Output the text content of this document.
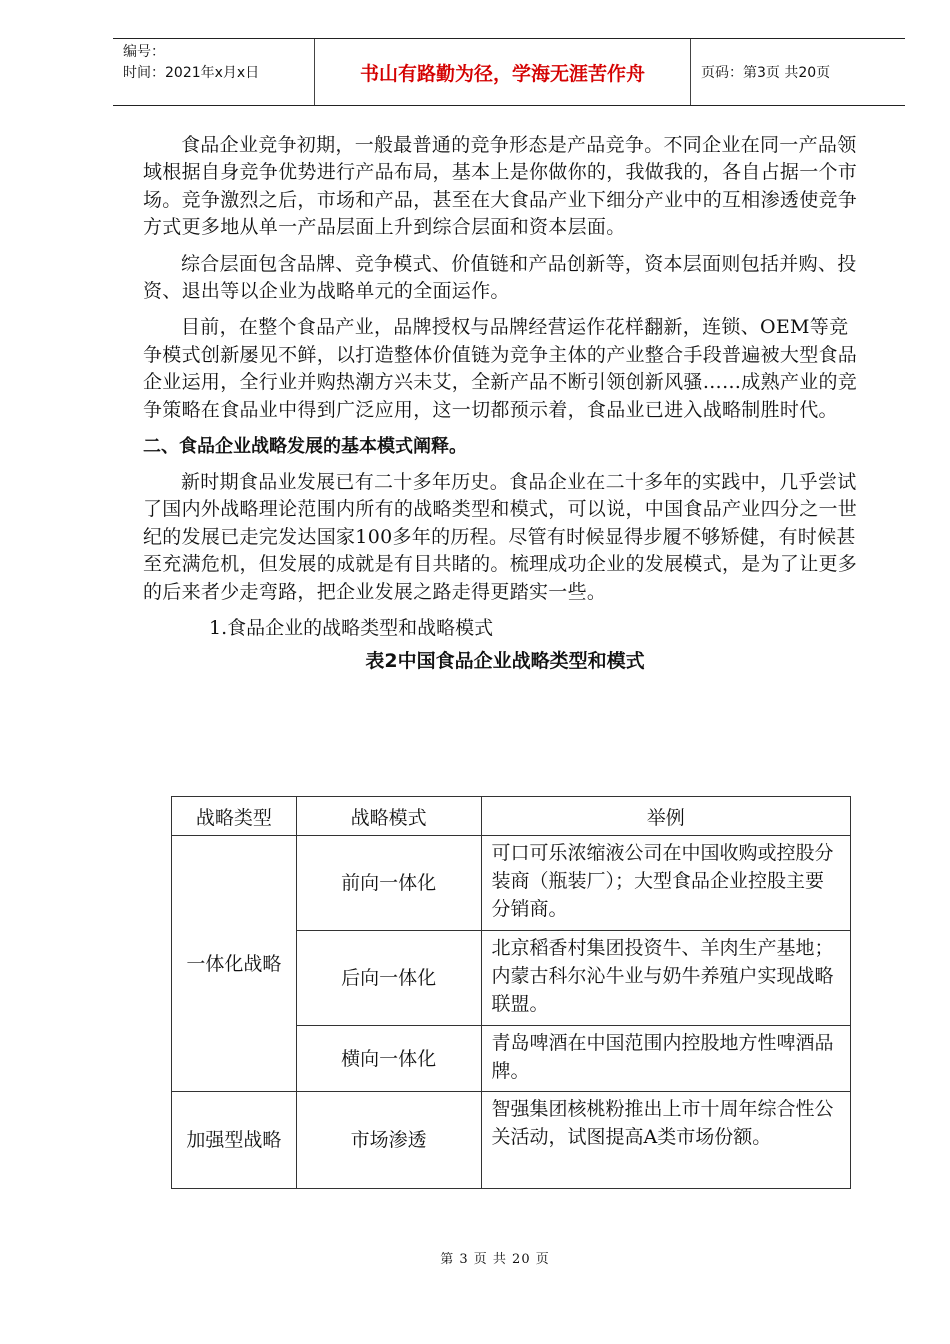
编号：
时间：2021年x月x日	书山有路勤为径，学海无涯苦作舟	页码：第3页 共20页

食品企业竞争初期，一般最普通的竞争形态是产品竞争。不同企业在同一产品领域根据自身竞争优势进行产品布局，基本上是你做你的，我做我的，各自占据一个市场。竞争激烈之后，市场和产品，甚至在大食品产业下细分产业中的互相渗透使竞争方式更多地从单一产品层面上升到综合层面和资本层面。

综合层面包含品牌、竞争模式、价值链和产品创新等，资本层面则包括并购、投资、退出等以企业为战略单元的全面运作。

目前，在整个食品产业，品牌授权与品牌经营运作花样翻新，连锁、OEM等竞争模式创新屡见不鲜，以打造整体价值链为竞争主体的产业整合手段普遍被大型食品企业运用，全行业并购热潮方兴未艾，全新产品不断引领创新风骚……成熟产业的竞争策略在食品业中得到广泛应用，这一切都预示着，食品业已进入战略制胜时代。

二、食品企业战略发展的基本模式阐释。

新时期食品业发展已有二十多年历史。食品企业在二十多年的实践中，几乎尝试了国内外战略理论范围内所有的战略类型和模式，可以说，中国食品产业四分之一世纪的发展已走完发达国家100多年的历程。尽管有时候显得步履不够矫健，有时候甚至充满危机，但发展的成就是有目共睹的。梳理成功企业的发展模式，是为了让更多的后来者少走弯路，把企业发展之路走得更踏实一些。

1.食品企业的战略类型和战略模式

表2中国食品企业战略类型和模式
战略类型	战略模式	举例
一体化战略	前向一体化	可口可乐浓缩液公司在中国收购或控股分装商（瓶装厂）；大型食品企业控股主要分销商。
	后向一体化	北京稻香村集团投资牛、羊肉生产基地；内蒙古科尔沁牛业与奶牛养殖户实现战略联盟。
	横向一体化	青岛啤酒在中国范围内控股地方性啤酒品牌。
加强型战略	市场渗透	智强集团核桃粉推出上市十周年综合性公关活动，试图提高A类市场份额。
第 3 页 共 20 页
